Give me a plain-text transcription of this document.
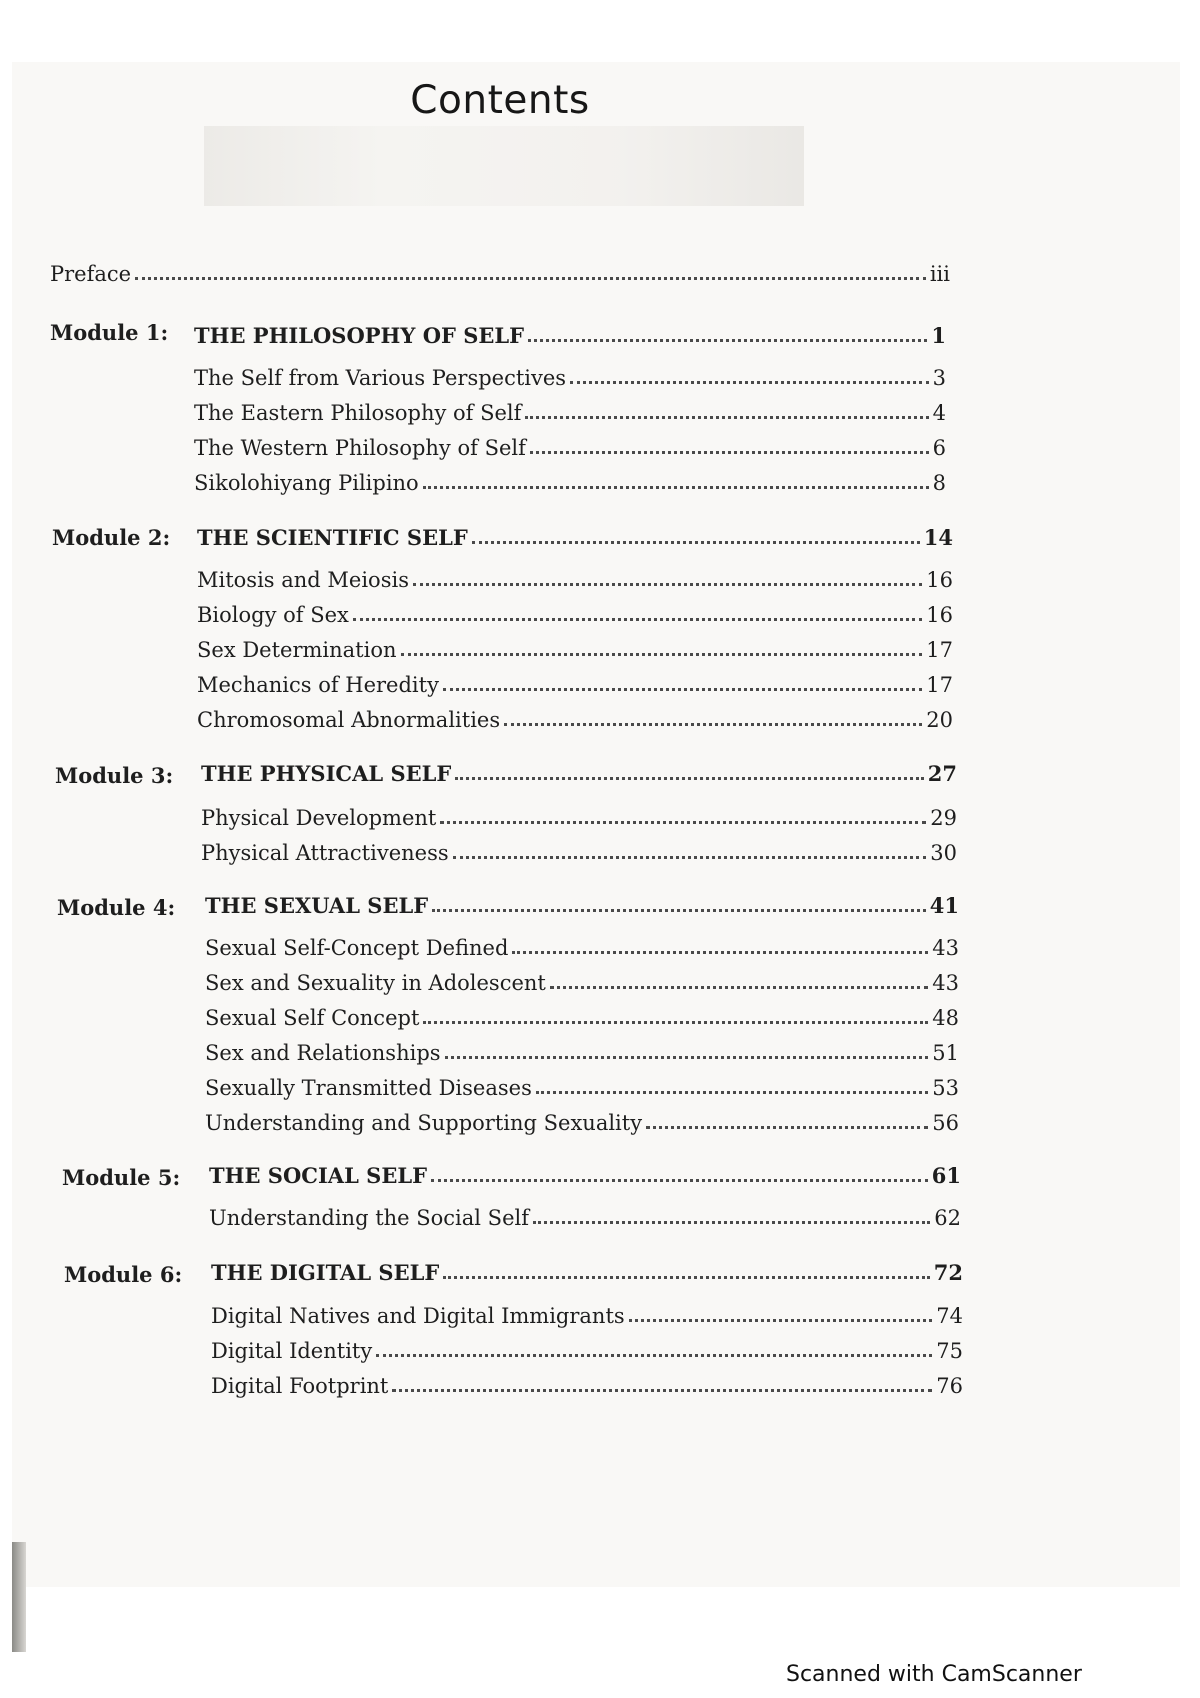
Contents
Preface	iii
Module 1: THE PHILOSOPHY OF SELF	1
The Self from Various Perspectives	3
The Eastern Philosophy of Self	4
The Western Philosophy of Self	6
Sikolohiyang Pilipino	8
Module 2: THE SCIENTIFIC SELF	14
Mitosis and Meiosis	16
Biology of Sex	16
Sex Determination	17
Mechanics of Heredity	17
Chromosomal Abnormalities	20
Module 3: THE PHYSICAL SELF	27
Physical Development	29
Physical Attractiveness	30
Module 4: THE SEXUAL SELF	41
Sexual Self-Concept Defined	43
Sex and Sexuality in Adolescent	43
Sexual Self Concept	48
Sex and Relationships	51
Sexually Transmitted Diseases	53
Understanding and Supporting Sexuality	56
Module 5: THE SOCIAL SELF	61
Understanding the Social Self	62
Module 6: THE DIGITAL SELF	72
Digital Natives and Digital Immigrants	74
Digital Identity	75
Digital Footprint	76
Scanned with CamScanner
